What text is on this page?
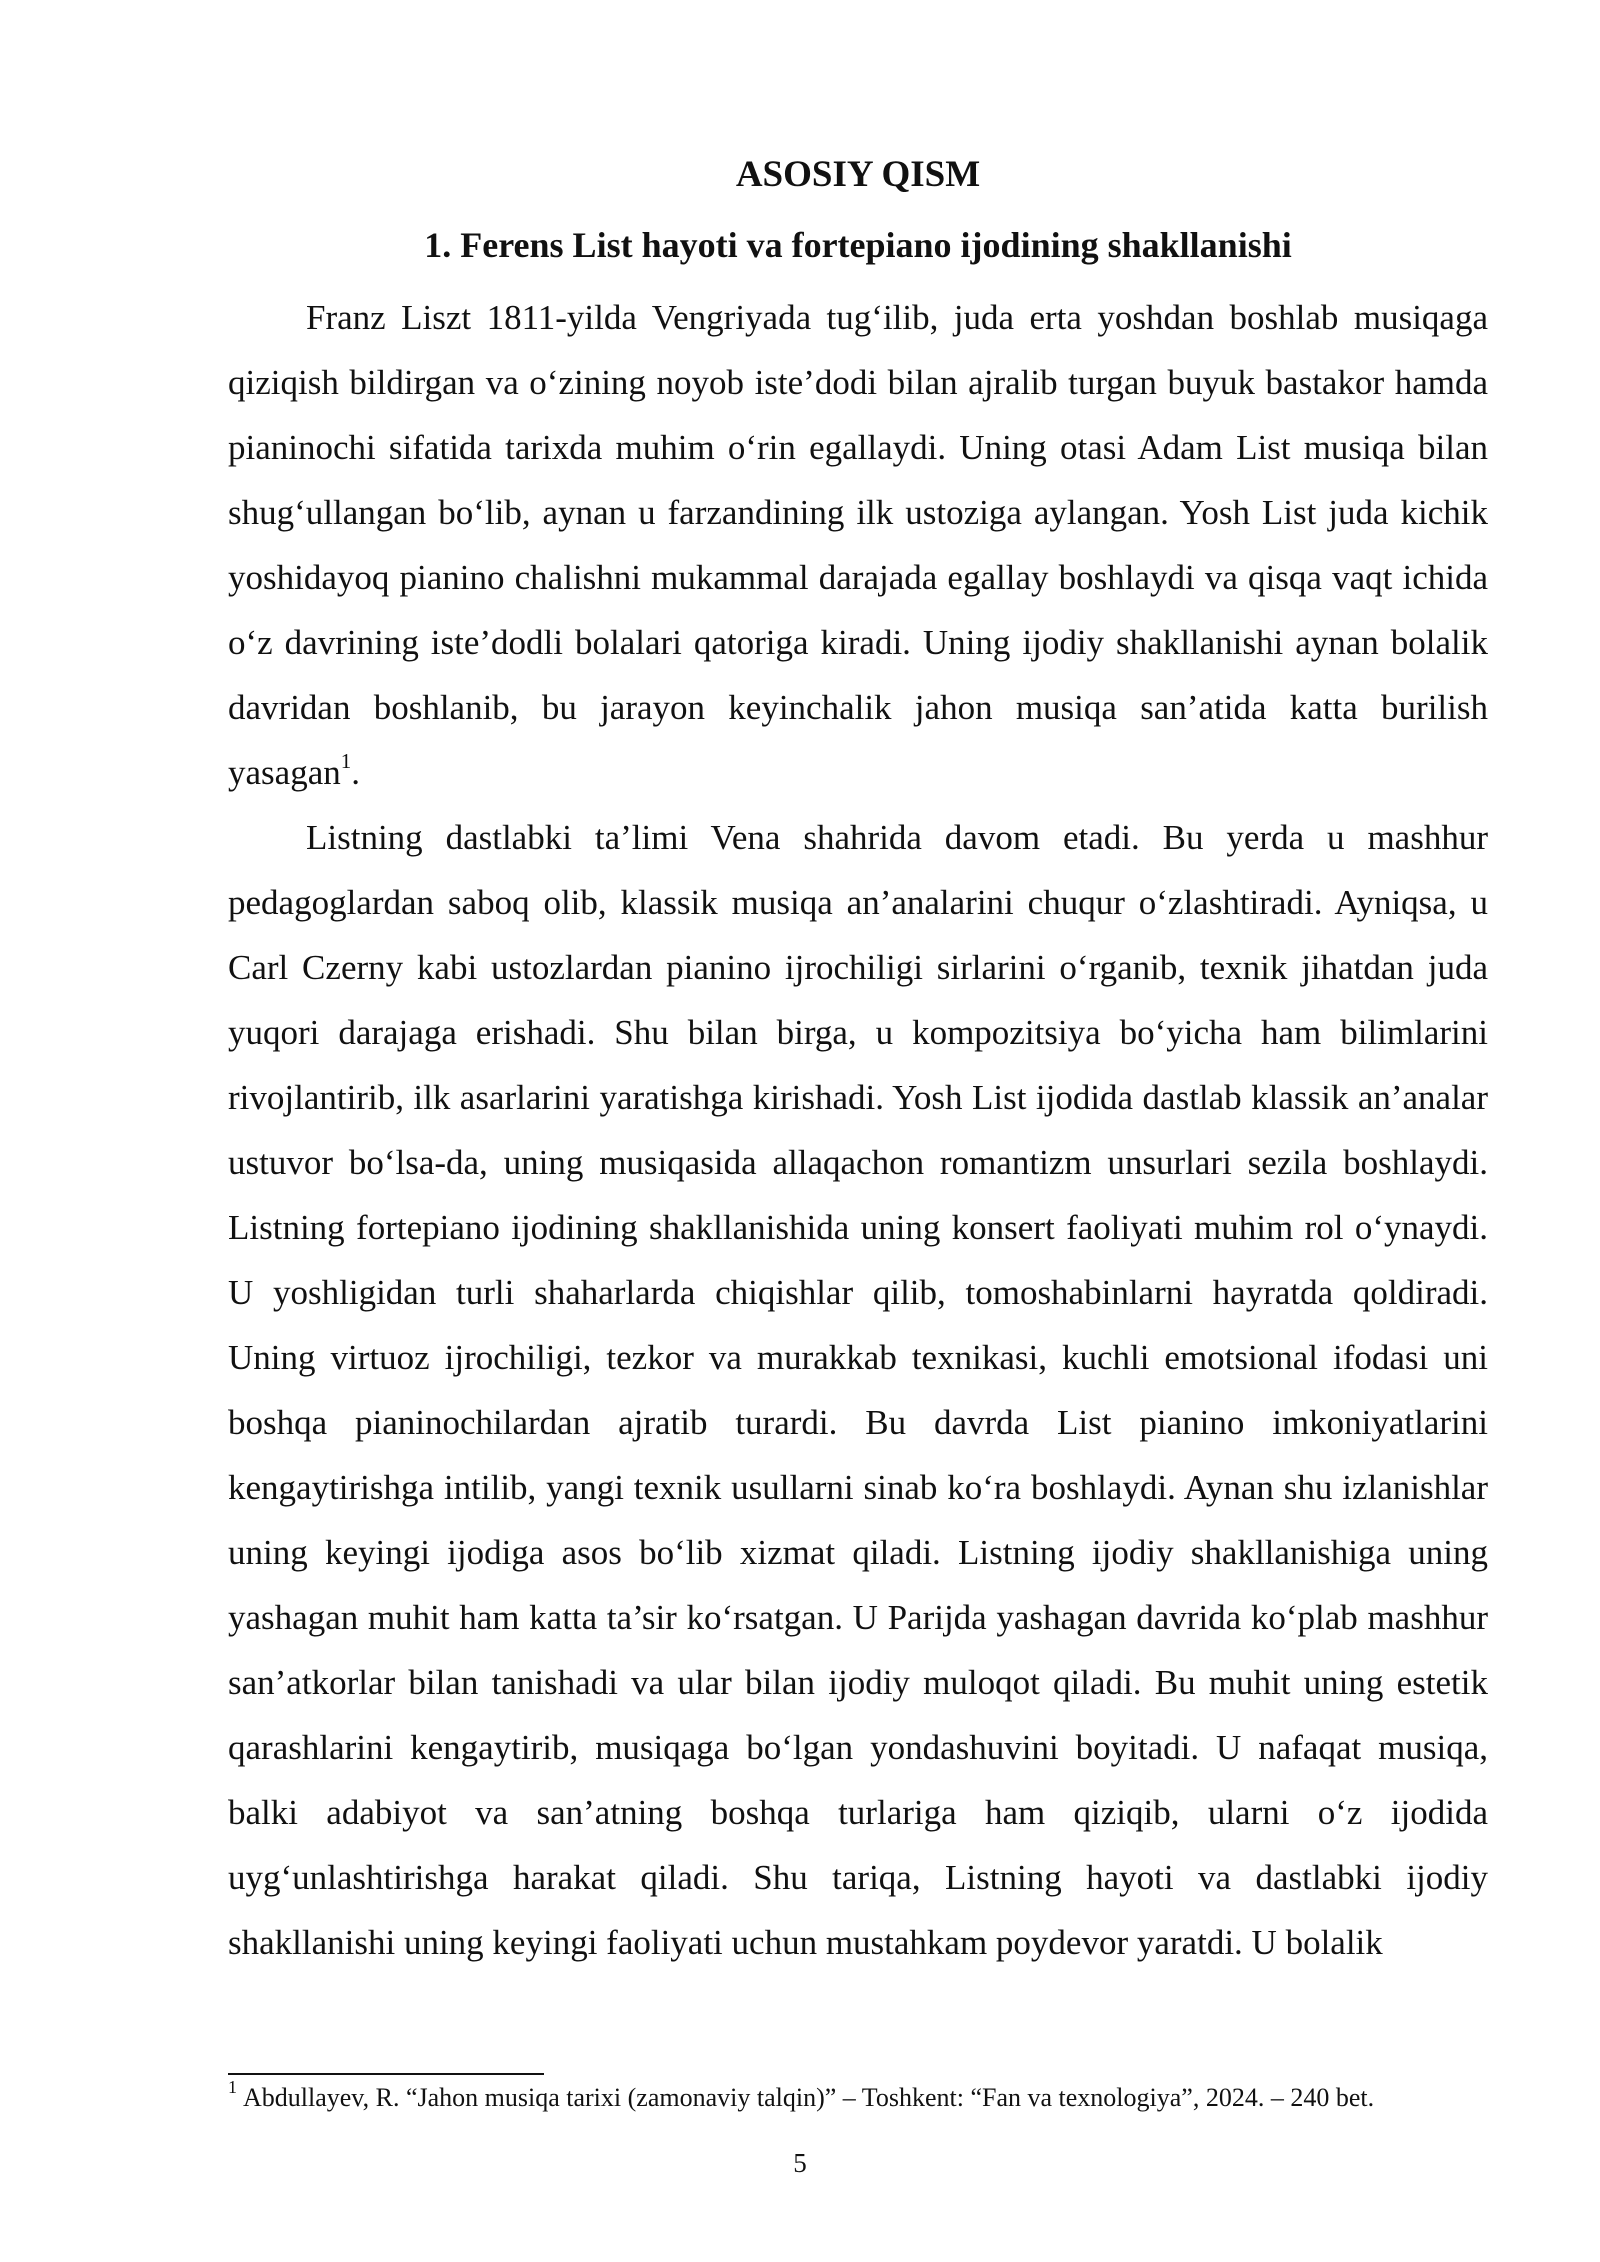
ASOSIY QISM
1. Ferens List hayoti va fortepiano ijodining shakllanishi

Franz Liszt 1811-yilda Vengriyada tug‘ilib, juda erta yoshdan boshlab musiqaga qiziqish bildirgan va o‘zining noyob iste’dodi bilan ajralib turgan buyuk bastakor hamda pianinochi sifatida tarixda muhim o‘rin egallaydi. Uning otasi Adam List musiqa bilan shug‘ullangan bo‘lib, aynan u farzandining ilk ustoziga aylangan. Yosh List juda kichik yoshidayoq pianino chalishni mukammal darajada egallay boshlaydi va qisqa vaqt ichida o‘z davrining iste’dodli bolalari qatoriga kiradi. Uning ijodiy shakllanishi aynan bolalik davridan boshlanib, bu jarayon keyinchalik jahon musiqa san’atida katta burilish yasagan$^1$.

Listning dastlabki ta’limi Vena shahrida davom etadi. Bu yerda u mashhur pedagoglardan saboq olib, klassik musiqa an’analarini chuqur o‘zlashtiradi. Ayniqsa, u Carl Czerny kabi ustozlardan pianino ijrochiligi sirlarini o‘rganib, texnik jihatdan juda yuqori darajaga erishadi. Shu bilan birga, u kompozitsiya bo‘yicha ham bilimlarini rivojlantirib, ilk asarlarini yaratishga kirishadi. Yosh List ijodida dastlab klassik an’analar ustuvor bo‘lsa-da, uning musiqasida allaqachon romantizm unsurlari sezila boshlaydi. Listning fortepiano ijodining shakllanishida uning konsert faoliyati muhim rol o‘ynaydi. U yoshligidan turli shaharlarda chiqishlar qilib, tomoshabinlarni hayratda qoldiradi. Uning virtuoz ijrochiligi, tezkor va murakkab texnikasi, kuchli emotsional ifodasi uni boshqa pianinochilardan ajratib turardi. Bu davrda List pianino imkoniyatlarini kengaytirishga intilib, yangi texnik usullarni sinab ko‘ra boshlaydi. Aynan shu izlanishlar uning keyingi ijodiga asos bo‘lib xizmat qiladi. Listning ijodiy shakllanishiga uning yashagan muhit ham katta ta’sir ko‘rsatgan. U Parijda yashagan davrida ko‘plab mashhur san’atkorlar bilan tanishadi va ular bilan ijodiy muloqot qiladi. Bu muhit uning estetik qarashlarini kengaytirib, musiqaga bo‘lgan yondashuvini boyitadi. U nafaqat musiqa, balki adabiyot va san’atning boshqa turlariga ham qiziqib, ularni o‘z ijodida uyg‘unlashtirishga harakat qiladi. Shu tariqa, Listning hayoti va dastlabki ijodiy shakllanishi uning keyingi faoliyati uchun mustahkam poydevor yaratdi. U bolalik

$^1$ Abdullayev, R. “Jahon musiqa tarixi (zamonaviy talqin)” – Toshkent: “Fan va texnologiya”, 2024. – 240 bet.
5
